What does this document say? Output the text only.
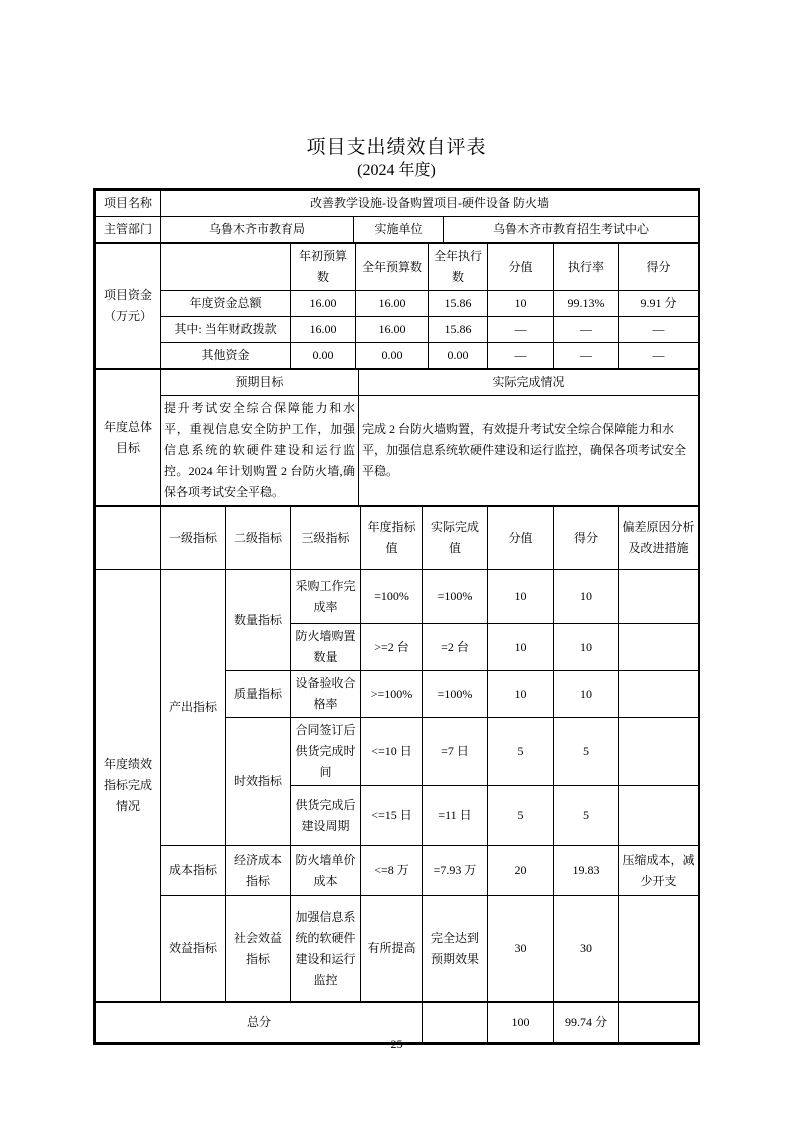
项目支出绩效自评表
(2024 年度)
项目名称	改善教学设施-设备购置项目-硬件设备 防火墙		
主管部门	乌鲁木齐市教育局	实施单位	乌鲁木齐市教育招生考试中心
项目资金
（万元）		年初预算数	全年预算数	全年执行数	分值	执行率	得分
	年度资金总额	16.00	16.00	15.86	10	99.13%	9.91 分
	其中: 当年财政拨款	16.00	16.00	15.86	—	—	—
	其他资金	0.00	0.00	0.00	—	—	—
年度总体目标	预期目标	实际完成情况
	提升考试安全综合保障能力和水平，重视信息安全防护工作，加强信息系统的软硬件建设和运行监控。2024 年计划购置 2 台防火墙,确保各项考试安全平稳。	完成 2 台防火墙购置，有效提升考试安全综合保障能力和水平，加强信息系统软硬件建设和运行监控，确保各项考试安全平稳。
	一级指标	二级指标	三级指标	年度指标值	实际完成值	分值	得分	偏差原因分析及改进措施
年度绩效指标完成情况	产出指标	数量指标	采购工作完成率	=100%	=100%	10	10	
			防火墙购置数量	>=2 台	=2 台	10	10	
		质量指标	设备验收合格率	>=100%	=100%	10	10	
		时效指标	合同签订后供货完成时间	<=10 日	=7 日	5	5	
			供货完成后建设周期	<=15 日	=11 日	5	5	
	成本指标	经济成本指标	防火墙单价成本	<=8 万	=7.93 万	20	19.83	压缩成本，减少开支
	效益指标	社会效益指标	加强信息系统的软硬件建设和运行监控	有所提高	完全达到预期效果	30	30	
总分		100	99.74 分	
25
